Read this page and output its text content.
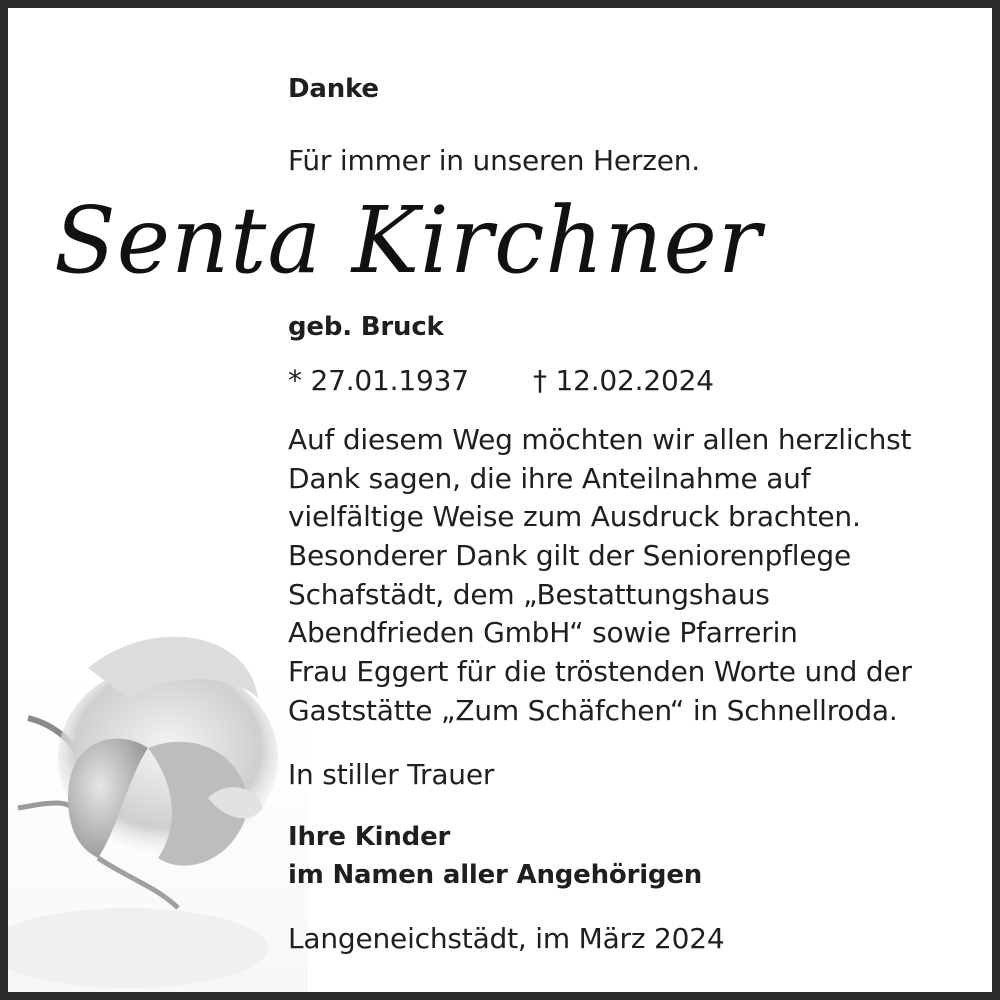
Danke
Für immer in unseren Herzen.
Senta Kirchner
geb. Bruck
* 27.01.1937 † 12.02.2024
Auf diesem Weg möchten wir allen herzlichst
Dank sagen, die ihre Anteilnahme auf
vielfältige Weise zum Ausdruck brachten.
Besonderer Dank gilt der Seniorenpflege
Schafstädt, dem „Bestattungshaus
Abendfrieden GmbH“ sowie Pfarrerin
Frau Eggert für die tröstenden Worte und der
Gaststätte „Zum Schäfchen“ in Schnellroda.
In stiller Trauer
Ihre Kinder
im Namen aller Angehörigen
Langeneichstädt, im März 2024
